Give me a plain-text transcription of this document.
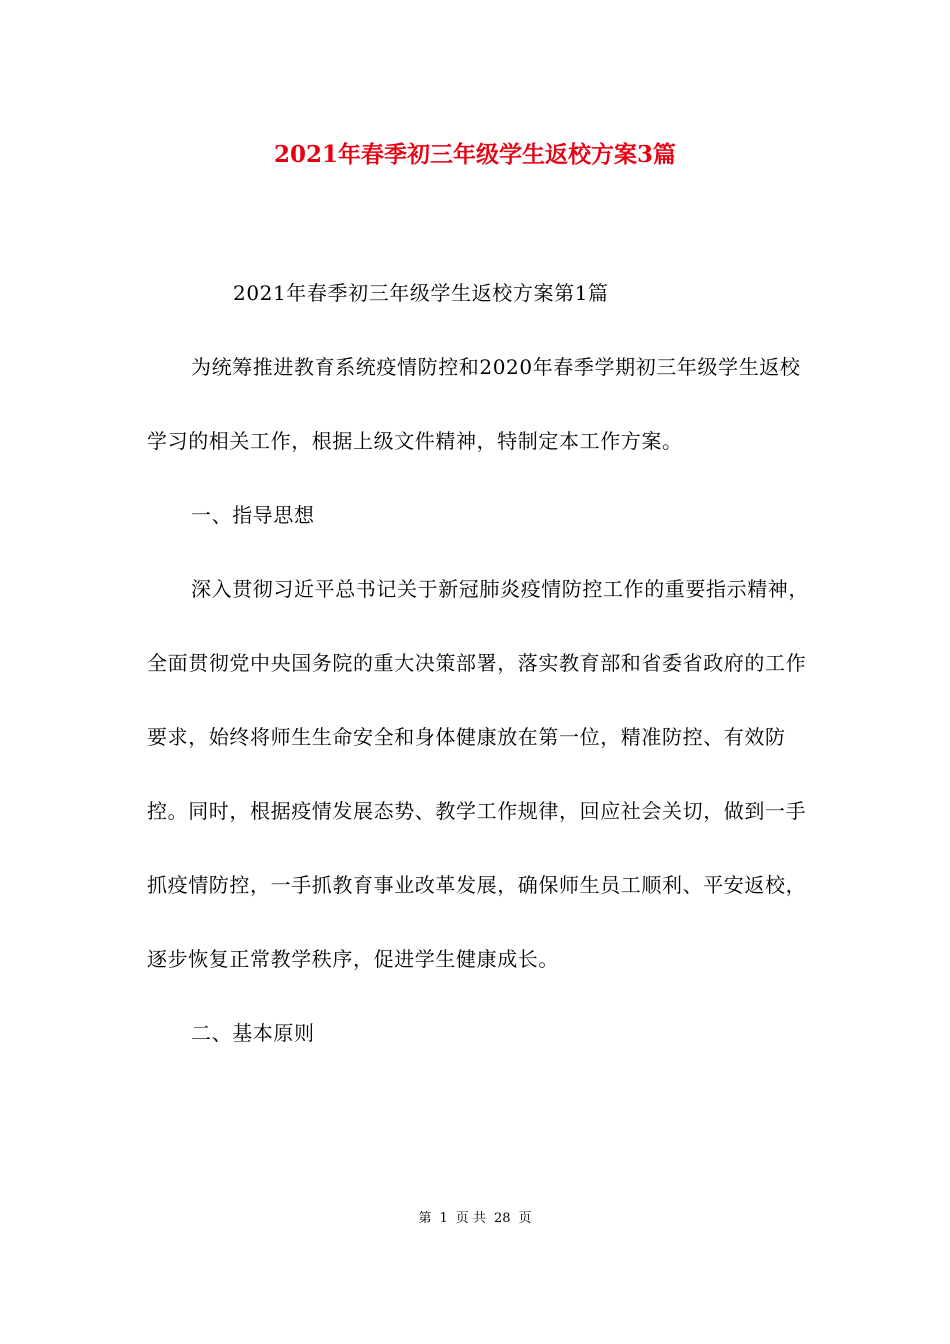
2021年春季初三年级学生返校方案3篇

2021年春季初三年级学生返校方案第1篇

为统筹推进教育系统疫情防控和2020年春季学期初三年级学生返校学习的相关工作，根据上级文件精神，特制定本工作方案。

一、指导思想

深入贯彻习近平总书记关于新冠肺炎疫情防控工作的重要指示精神，全面贯彻党中央国务院的重大决策部署，落实教育部和省委省政府的工作要求，始终将师生生命安全和身体健康放在第一位，精准防控、有效防控。同时，根据疫情发展态势、教学工作规律，回应社会关切，做到一手抓疫情防控，一手抓教育事业改革发展，确保师生员工顺利、平安返校，逐步恢复正常教学秩序，促进学生健康成长。

二、基本原则

第 1 页 共 28 页
